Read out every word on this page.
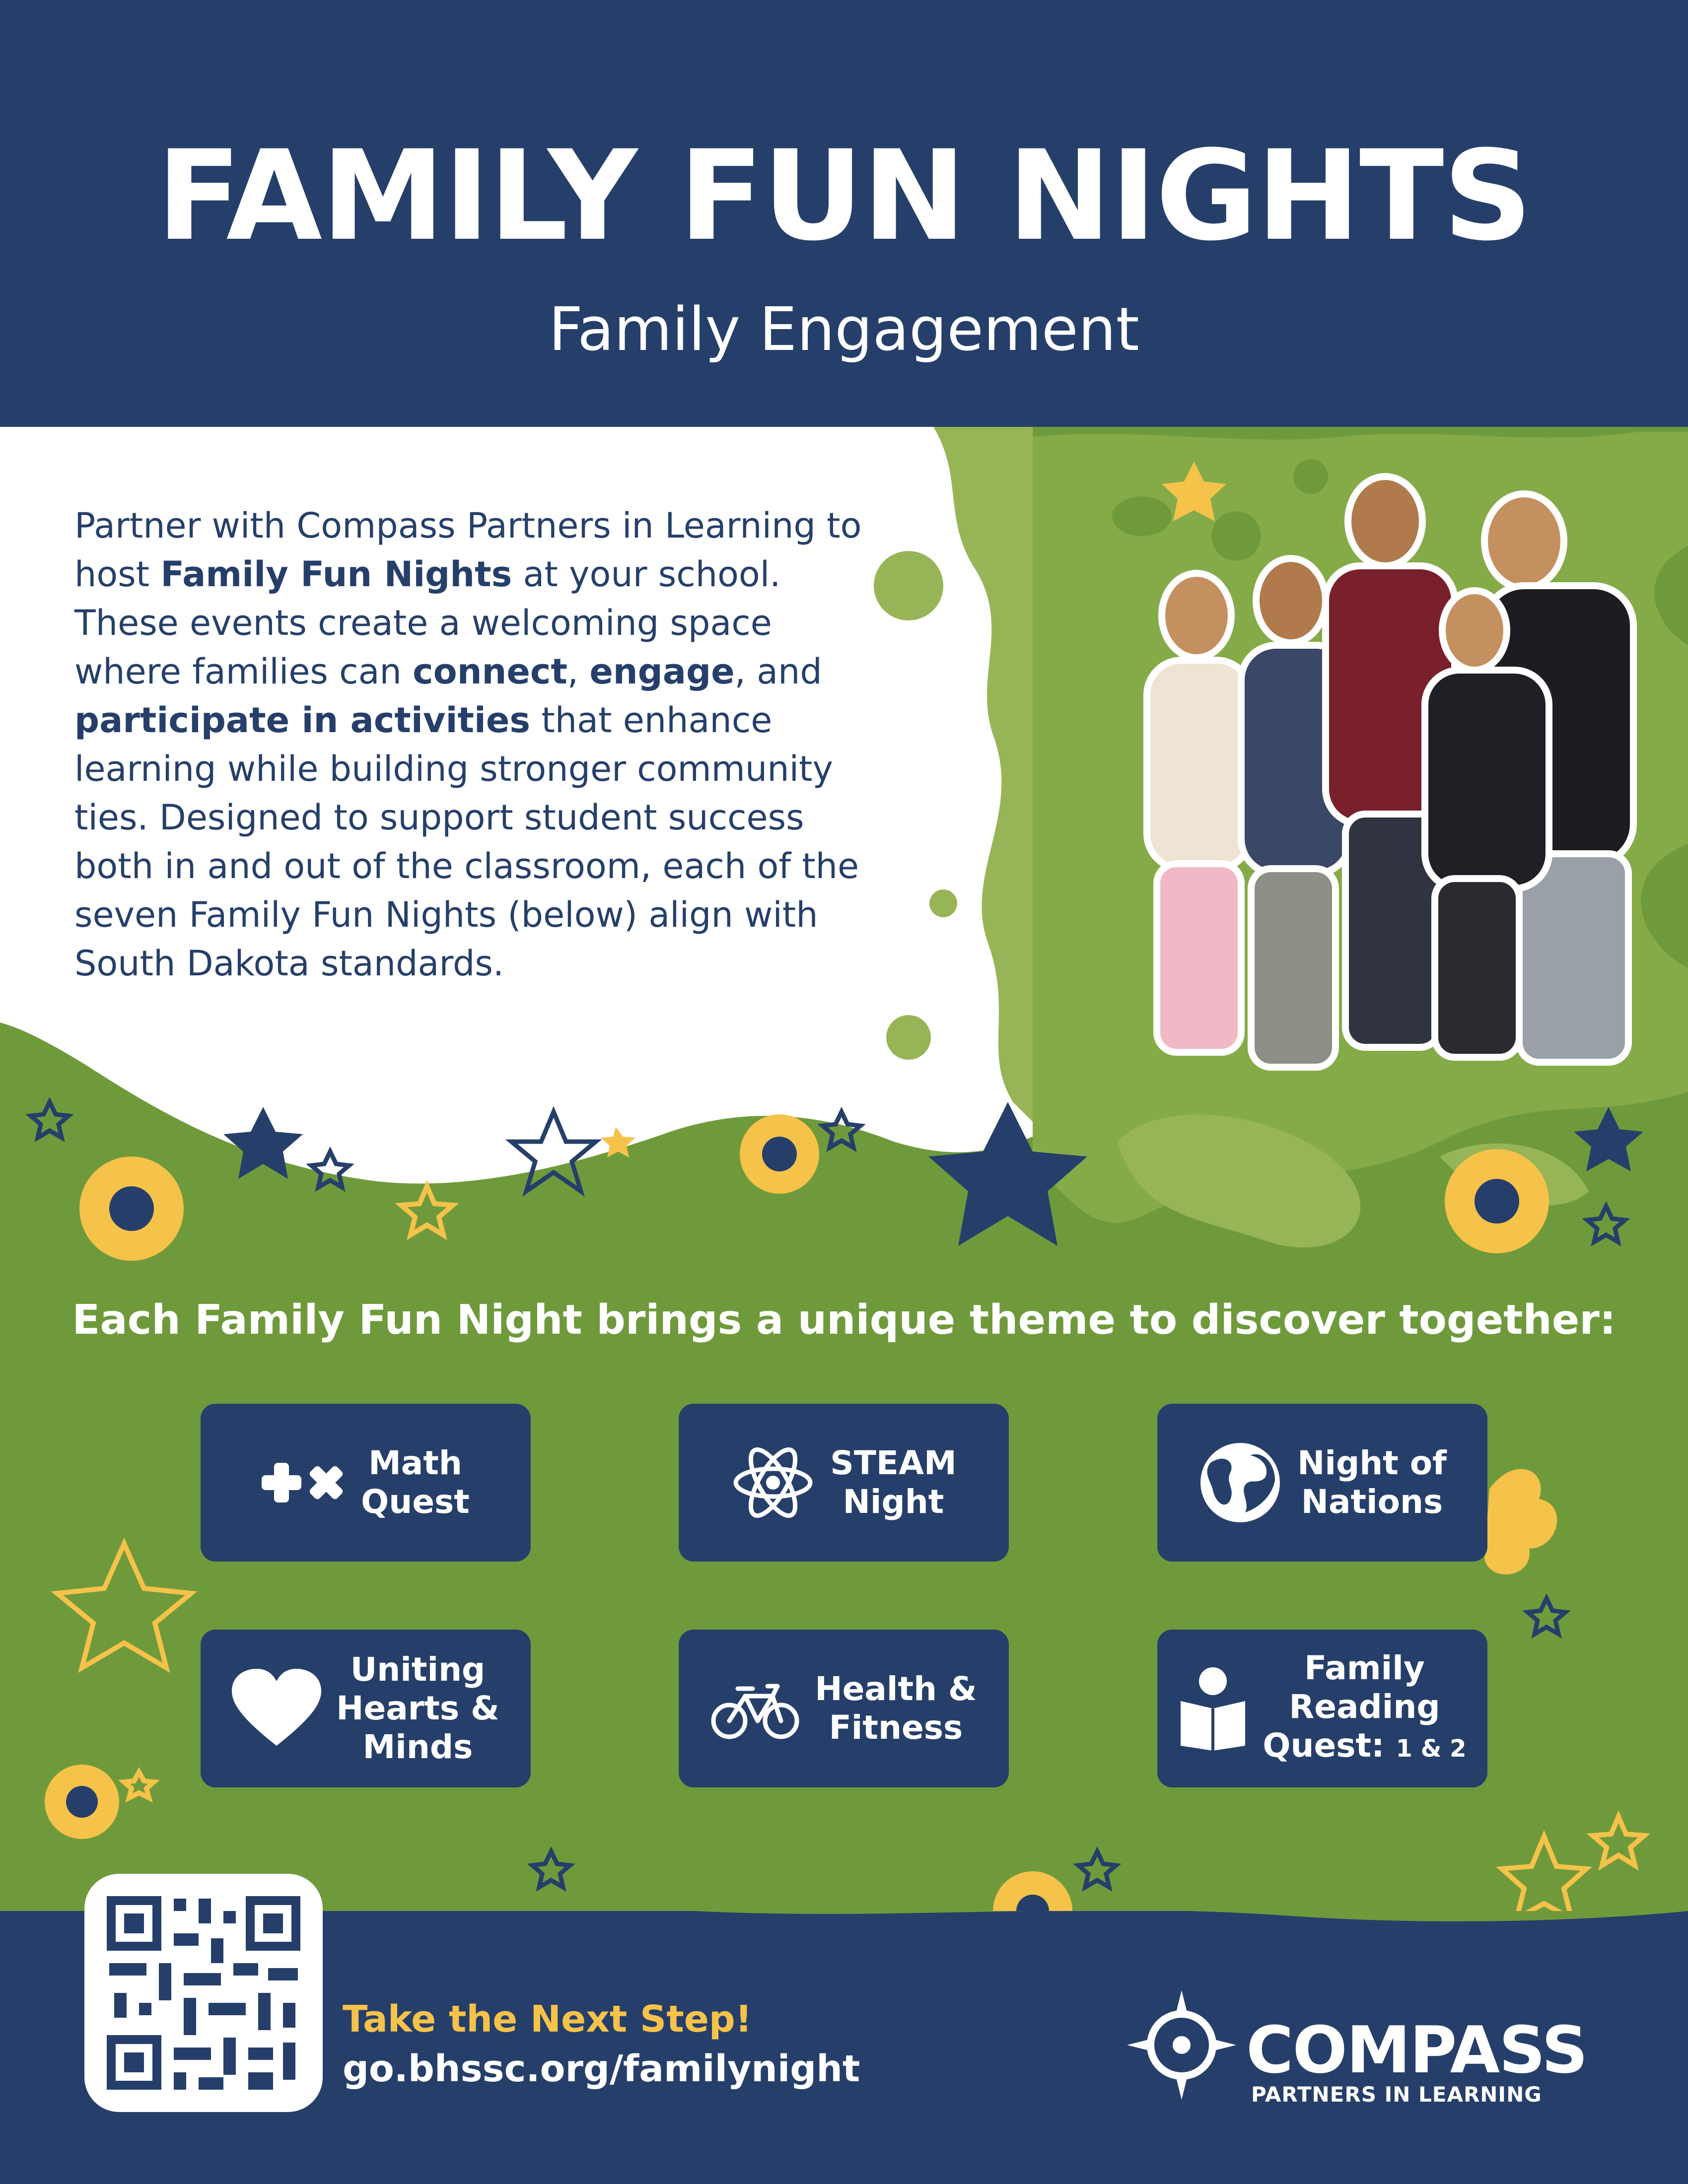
FAMILY FUN NIGHTS
Family Engagement
Partner with Compass Partners in Learning to host Family Fun Nights at your school. These events create a welcoming space where families can connect, engage, and participate in activities that enhance learning while building stronger community ties. Designed to support student success both in and out of the classroom, each of the seven Family Fun Nights (below) align with South Dakota standards.
Each Family Fun Night brings a unique theme to discover together:
Math
Quest
STEAM
Night
Night of
Nations
Uniting
Hearts &
Minds
Health &
Fitness
Family
Reading
Quest: 1 & 2
Take the Next Step!
go.bhssc.org/familynight	COMPASS
PARTNERS IN LEARNING
